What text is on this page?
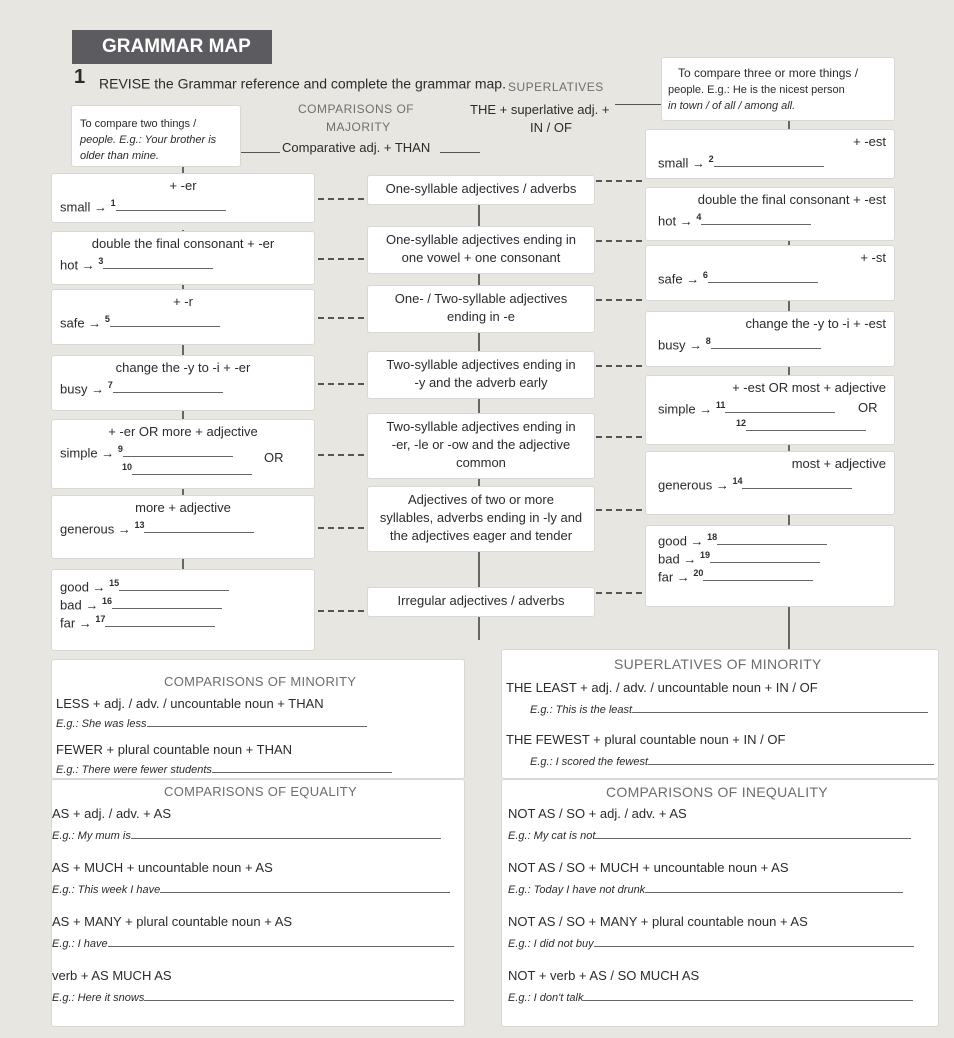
GRAMMAR MAP
1 REVISE the Grammar reference and complete the grammar map.
To compare two things /
people. E.g.: Your brother is
older than mine.
COMPARISONS OF
MAJORITY
Comparative adj. + THAN
SUPERLATIVES
THE + superlative adj. +
IN / OF
To compare three or more things /
people. E.g.: He is the nicest person
in town / of all / among all.
+ -er
small → $^1$
One-syllable adjectives / adverbs
+ -est
small → $^2$
double the final consonant + -er
hot → $^3$
One-syllable adjectives ending in
one vowel + one consonant
double the final consonant + -est
hot → $^4$
+ -r
safe → $^5$
One- / Two-syllable adjectives
ending in -e
+ -st
safe → $^6$
change the -y to -i + -er
busy → $^7$
Two-syllable adjectives ending in
-y and the adverb early
change the -y to -i + -est
busy → $^8$
+ -er OR more + adjective
simple → $^9$
$^{10}$
OR
Two-syllable adjectives ending in
-er, -le or -ow and the adjective
common
+ -est OR most + adjective
simple → $^{11}$
$^{12}$
OR
more + adjective
generous → $^{13}$
Adjectives of two or more
syllables, adverbs ending in -ly and
the adjectives eager and tender
most + adjective
generous → $^{14}$
good → $^{15}$
bad → $^{16}$
far → $^{17}$
Irregular adjectives / adverbs
good → $^{18}$
bad → $^{19}$
far → $^{20}$
COMPARISONS OF MINORITY
LESS + adj. / adv. / uncountable noun + THAN
E.g.: She was less
FEWER + plural countable noun + THAN
E.g.: There were fewer students
SUPERLATIVES OF MINORITY
THE LEAST + adj. / adv. / uncountable noun + IN / OF
E.g.: This is the least
THE FEWEST + plural countable noun + IN / OF
E.g.: I scored the fewest
COMPARISONS OF EQUALITY
AS + adj. / adv. + AS
E.g.: My mum is
AS + MUCH + uncountable noun + AS
E.g.: This week I have
AS + MANY + plural countable noun + AS
E.g.: I have
verb + AS MUCH AS
E.g.: Here it snows
COMPARISONS OF INEQUALITY
NOT AS / SO + adj. / adv. + AS
E.g.: My cat is not
NOT AS / SO + MUCH + uncountable noun + AS
E.g.: Today I have not drunk
NOT AS / SO + MANY + plural countable noun + AS
E.g.: I did not buy
NOT + verb + AS / SO MUCH AS
E.g.: I don't talk
